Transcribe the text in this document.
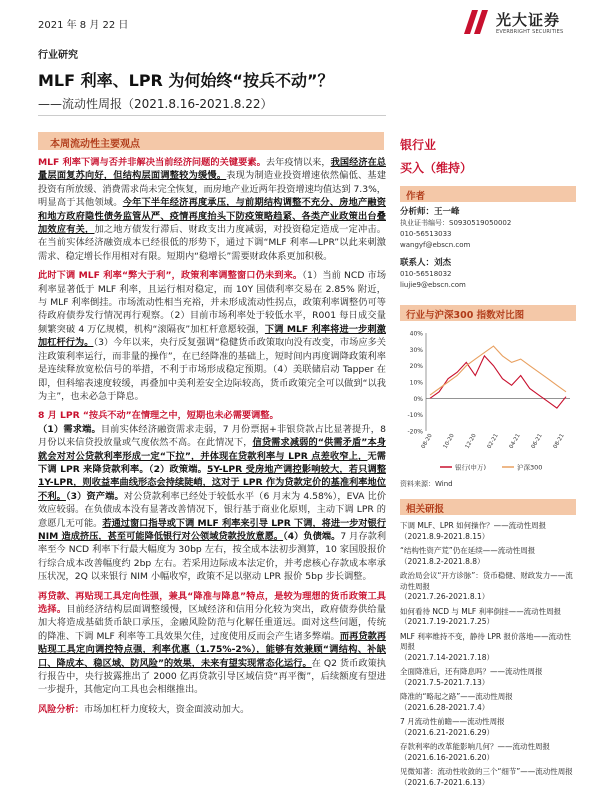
2021 年 8 月 22 日	光大证券
EVERBRIGHT SECURITIES
行业研究
MLF 利率、LPR 为何始终“按兵不动”？
——流动性周报（2021.8.16-2021.8.22）
本周流动性主要观点

MLF 利率下调与否并非解决当前经济问题的关键要素。去年疫情以来，我国经济在总量层面复苏向好，但结构层面调整较为缓慢。表现为制造业投资增速依然偏低、基建投资有所放缓、消费需求尚未完全恢复，而房地产业近两年投资增速均值达到 7.3%，明显高于其他领域。今年下半年经济再度承压，与前期结构调整不充分、房地产融资和地方政府隐性债务监管从严、疫情再度抬头下防疫策略趋紧、各类产业政策出台叠加效应有关，加之地方债发行滞后、财政支出力度减弱，对投资稳定造成一定冲击。在当前实体经济融资成本已经很低的形势下，通过下调“MLF 利率—LPR”以此来刺激需求、稳定增长作用相对有限。短期内“稳增长”需要财政体系更加积极。

此时下调 MLF 利率“弊大于利”，政策利率调整窗口仍未到来。（1）当前 NCD 市场利率显著低于 MLF 利率，且运行相对稳定，而 10Y 国债利率交易在 2.85% 附近，与 MLF 利率倒挂。市场流动性相当充裕，并未形成流动性拐点，政策利率调整仍可等待政府债券发行情况再行观察。（2）目前市场利率处于较低水平，R001 每日成交量频繁突破 4 万亿规模，机构“滚隔夜”加杠杆意愿较强，下调 MLF 利率将进一步刺激加杠杆行为。（3）今年以来，央行反复强调“稳健货币政策取向没有改变，市场应多关注政策利率运行，而非量的操作”，在已经降准的基础上，短时间内再度调降政策利率是连续释放宽松信号的举措，不利于市场形成稳定预期。（4）美联储启动 Tapper 在即，但科缩表速度较缓，再叠加中美利差安全边际较高，货币政策完全可以做到“以我为主”，也未必急于降息。

8 月 LPR “按兵不动”在情理之中，短期也未必需要调整。
（1）需求端。目前实体经济融资需求走弱，7 月份票据+非银贷款占比显著提升，8 月份以来信贷投放量或气度依然不高。在此情况下，信贷需求减弱的“供需矛盾”本身就会对对公贷款利率形成一定“下拉”，并体现在贷款利率与 LPR 点差收窄上，无需下调 LPR 来降贷款利率。（2）政策端。5Y-LPR 受房地产调控影响较大，若只调整 1Y-LPR，则收益率曲线形态会持续陡峭，这对于 LPR 作为贷款定价的基准利率地位不利。（3）资产端。对公贷款利率已经处于较低水平（6 月末为 4.58%），EVA 比价效应较弱。在负债成本没有显著改善情况下，银行基于商业化原则，主动下调 LPR 的意愿几无可能。若通过窗口指导或下调 MLF 利率来引导 LPR 下调，将进一步对银行 NIM 造成挤压，甚至可能降低银行对公领域贷款投放意愿。（4）负债端。7 月存款利率至今 NCD 利率下行最大幅度为 30bp 左右，按全成本法初步测算，10 家国股报价行综合成本改善幅度约 2bp 左右。若采用边际成本法定价，并考虑核心存款成本率承压状况，2Q 以来银行 NIM 小幅收窄，政策不足以驱动 LPR 报价 5bp 步长调整。

再贷款、再贴现工具定向性强，兼具“降准与降息”特点，是较为理想的货币政策工具选择。目前经济结构层面调整缓慢，区域经济和信用分化较为突出，政府债券供给量加大将造成基础货币缺口承压，金融风险防范与化解任重道远。面对这些问题，传统的降准、下调 MLF 利率等工具效果欠佳，过度使用反而会产生诸多弊端。而再贷款再贴现工具定向调控特点强，利率优惠（1.75%-2%），能够有效兼顾“调结构、补缺口、降成本、稳区域、防风险”的效果，未来有望实现常态化运行。在 Q2 货币政策执行报告中，央行披露推出了 2000 亿再贷款引导区域信贷“再平衡”，后续额度有望进一步提升，其他定向工具也会相继推出。

风险分析：市场加杠杆力度较大，资金面波动加大。

银行业
买入（维持）
作者
分析师：王一峰
执业证书编号：S0930519050002
010-56513033
wangyf@ebscn.com
联系人：刘杰
010-56518032
liujie9@ebscn.com
行业与沪深300 指数对比图
-20%
-10%
0%
10%
20%
30%
40%
08-20 10-20 12-20 02-21 04-21 06-21 08-21
银行(申万)	沪深300
资料来源：Wind
相关研报
下调 MLF、LPR 如何操作？——流动性周报
（2021.8.9-2021.8.15）
“结构性资产荒”仍在延续——流动性周报
（2021.8.2-2021.8.8）
政治局会议“开方诊脉”：货币稳健、财政发力——流动性周报
（2021.7.26-2021.8.1）
如何看待 NCD 与 MLF 利率倒挂——流动性周报
（2021.7.19-2021.7.25）
MLF 利率维持不变，静待 LPR 报价落地——流动性周报
（2021.7.14-2021.7.18）
全面降准后，还有降息吗？——流动性周报
（2021.7.5-2021.7.13）
降准的“略起之路”——流动性周报
（2021.6.28-2021.7.4）
7 月流动性前瞻——流动性周报
（2021.6.21-2021.6.29）
存款利率的改革能影响几何？——流动性周报
（2021.6.16-2021.6.20）
见微知著：流动性收敛的三个“细节”——流动性周报
（2021.6.7-2021.6.13）
